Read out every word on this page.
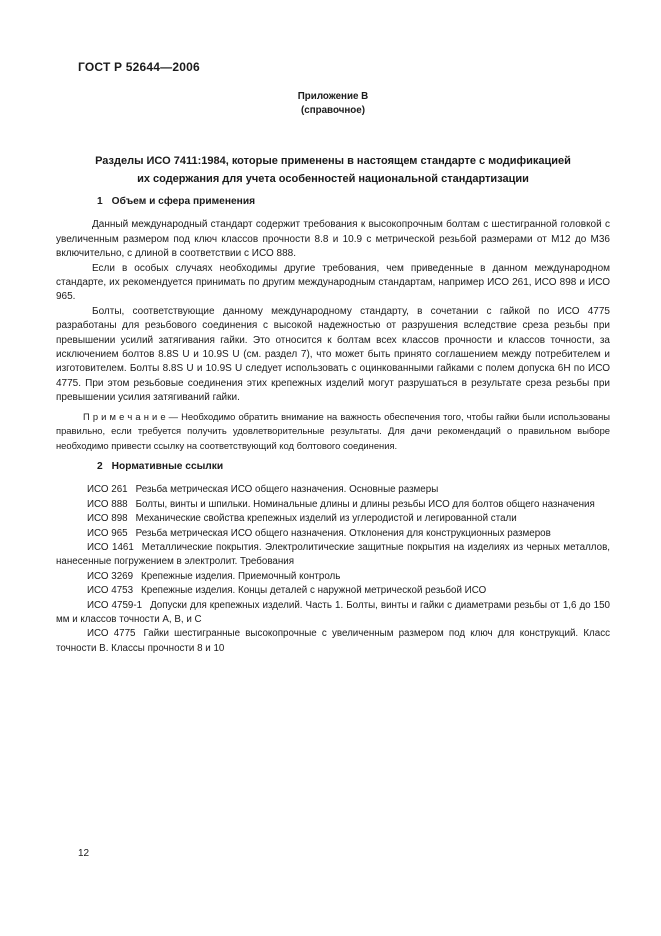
ГОСТ Р 52644—2006
Приложение В
(справочное)
Разделы ИСО 7411:1984, которые применены в настоящем стандарте с модификацией
их содержания для учета особенностей национальной стандартизации
1 Объем и сфера применения

Данный международный стандарт содержит требования к высокопрочным болтам с шестигранной головкой с увеличенным размером под ключ классов прочности 8.8 и 10.9 с метрической резьбой размерами от М12 до М36 включительно, с длиной в соответствии с ИСО 888.

Если в особых случаях необходимы другие требования, чем приведенные в данном международном стандарте, их рекомендуется принимать по другим международным стандартам, например ИСО 261, ИСО 898 и ИСО 965.

Болты, соответствующие данному международному стандарту, в сочетании с гайкой по ИСО 4775 разработаны для резьбового соединения с высокой надежностью от разрушения вследствие среза резьбы при превышении усилий затягивания гайки. Это относится к болтам всех классов прочности и классов точности, за исключением болтов 8.8S U и 10.9S U (см. раздел 7), что может быть принято соглашением между потребителем и изготовителем. Болты 8.8S U и 10.9S U следует использовать с оцинкованными гайками с полем допуска 6Н по ИСО 4775. При этом резьбовые соединения этих крепежных изделий могут разрушаться в результате среза резьбы при превышении усилия затягиваний гайки.

П р и м е ч а н и е — Необходимо обратить внимание на важность обеспечения того, чтобы гайки были использованы правильно, если требуется получить удовлетворительные результаты. Для дачи рекомендаций о правильном выборе необходимо привести ссылку на соответствующий код болтового соединения.

2 Нормативные ссылки
ИСО 261 Резьба метрическая ИСО общего назначения. Основные размеры
ИСО 888 Болты, винты и шпильки. Номинальные длины и длины резьбы ИСО для болтов общего назначения
ИСО 898 Механические свойства крепежных изделий из углеродистой и легированной стали
ИСО 965 Резьба метрическая ИСО общего назначения. Отклонения для конструкционных размеров
ИСО 1461 Металлические покрытия. Электролитические защитные покрытия на изделиях из черных металлов, нанесенные погружением в электролит. Требования
ИСО 3269 Крепежные изделия. Приемочный контроль
ИСО 4753 Крепежные изделия. Концы деталей с наружной метрической резьбой ИСО
ИСО 4759-1 Допуски для крепежных изделий. Часть 1. Болты, винты и гайки с диаметрами резьбы от 1,6 до 150 мм и классов точности А, В, и С
ИСО 4775 Гайки шестигранные высокопрочные с увеличенным размером под ключ для конструкций. Класс точности В. Классы прочности 8 и 10
12
